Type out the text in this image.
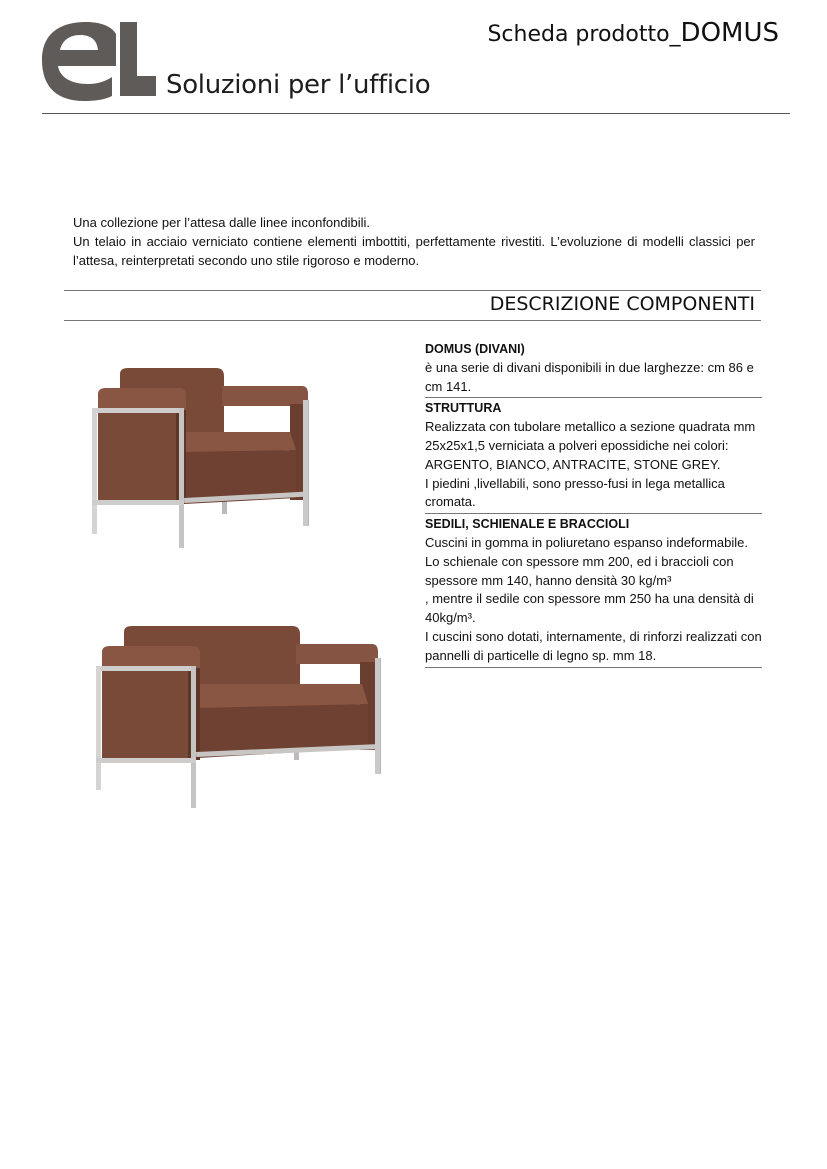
Soluzioni per l’ufficio
Scheda prodotto_DOMUS

Una collezione per l’attesa dalle linee inconfondibili.

Un telaio in acciaio verniciato contiene elementi imbottiti, perfettamente rivestiti. L’evoluzione di modelli classici per l’attesa, reinterpretati secondo uno stile rigoroso e moderno.

DESCRIZIONE COMPONENTI
DOMUS (DIVANI)
è una serie di divani disponibili in due larghezze: cm 86 e cm 141.
STRUTTURA
Realizzata con tubolare metallico a sezione quadrata mm 25x25x1,5 verniciata a polveri epossidiche nei colori:
ARGENTO, BIANCO, ANTRACITE, STONE GREY.
I piedini ,livellabili, sono presso-fusi in lega metallica cromata.
SEDILI, SCHIENALE E BRACCIOLI
Cuscini in gomma in poliuretano espanso indeformabile.
Lo schienale con spessore mm 200, ed i braccioli con spessore mm 140, hanno densità 30 kg/m³
, mentre il sedile con spessore mm 250 ha una densità di 40kg/m³.
I cuscini sono dotati, internamente, di rinforzi realizzati con pannelli di particelle di legno sp. mm 18.
